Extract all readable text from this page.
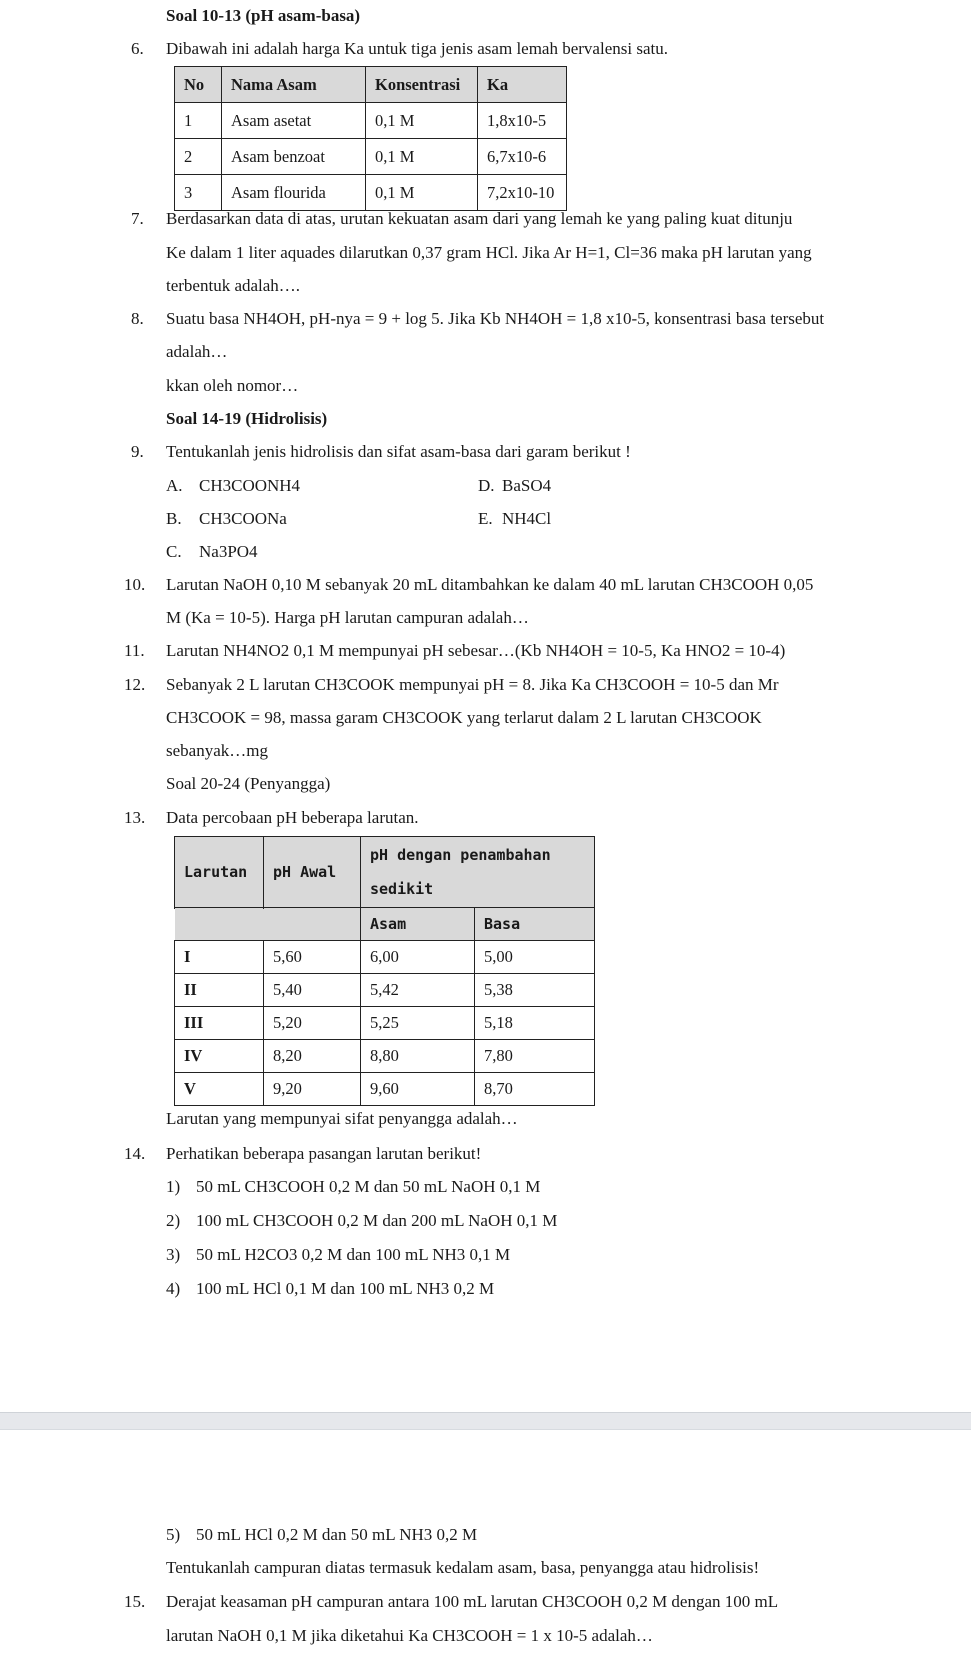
Soal 10-13 (pH asam-basa)
6. Dibawah ini adalah harga Ka untuk tiga jenis asam lemah bervalensi satu.
No	Nama Asam	Konsentrasi	Ka
1	Asam asetat	0,1 M	1,8x10-5
2	Asam benzoat	0,1 M	6,7x10-6
3	Asam flourida	0,1 M	7,2x10-10
7. Berdasarkan data di atas, urutan kekuatan asam dari yang lemah ke yang paling kuat ditunju
Ke dalam 1 liter aquades dilarutkan 0,37 gram HCl. Jika Ar H=1, Cl=36 maka pH larutan yang
terbentuk adalah….
8. Suatu basa NH4OH, pH-nya = 9 + log 5. Jika Kb NH4OH = 1,8 x10-5, konsentrasi basa tersebut
adalah…
kkan oleh nomor…
Soal 14-19 (Hidrolisis)
9. Tentukanlah jenis hidrolisis dan sifat asam-basa dari garam berikut !
A. CH3COONH4	D. BaSO4
B. CH3COONa	E. NH4Cl
C. Na3PO4
10. Larutan NaOH 0,10 M sebanyak 20 mL ditambahkan ke dalam 40 mL larutan CH3COOH 0,05
M (Ka = 10-5). Harga pH larutan campuran adalah…
11. Larutan NH4NO2 0,1 M mempunyai pH sebesar…(Kb NH4OH = 10-5, Ka HNO2 = 10-4)
12. Sebanyak 2 L larutan CH3COOK mempunyai pH = 8. Jika Ka CH3COOH = 10-5 dan Mr
CH3COOK = 98, massa garam CH3COOK yang terlarut dalam 2 L larutan CH3COOK
sebanyak…mg
Soal 20-24 (Penyangga)
13. Data percobaan pH beberapa larutan.
Larutan	pH Awal	pH dengan penambahan
sedikit	

		Asam	Basa
I	5,60	6,00	5,00
II	5,40	5,42	5,38
III	5,20	5,25	5,18
IV	8,20	8,80	7,80
V	9,20	9,60	8,70
Larutan yang mempunyai sifat penyangga adalah…
14. Perhatikan beberapa pasangan larutan berikut!
1) 50 mL CH3COOH 0,2 M dan 50 mL NaOH 0,1 M
2) 100 mL CH3COOH 0,2 M dan 200 mL NaOH 0,1 M
3) 50 mL H2CO3 0,2 M dan 100 mL NH3 0,1 M
4) 100 mL HCl 0,1 M dan 100 mL NH3 0,2 M
5) 50 mL HCl 0,2 M dan 50 mL NH3 0,2 M
Tentukanlah campuran diatas termasuk kedalam asam, basa, penyangga atau hidrolisis!
15. Derajat keasaman pH campuran antara 100 mL larutan CH3COOH 0,2 M dengan 100 mL
larutan NaOH 0,1 M jika diketahui Ka CH3COOH = 1 x 10-5 adalah…
